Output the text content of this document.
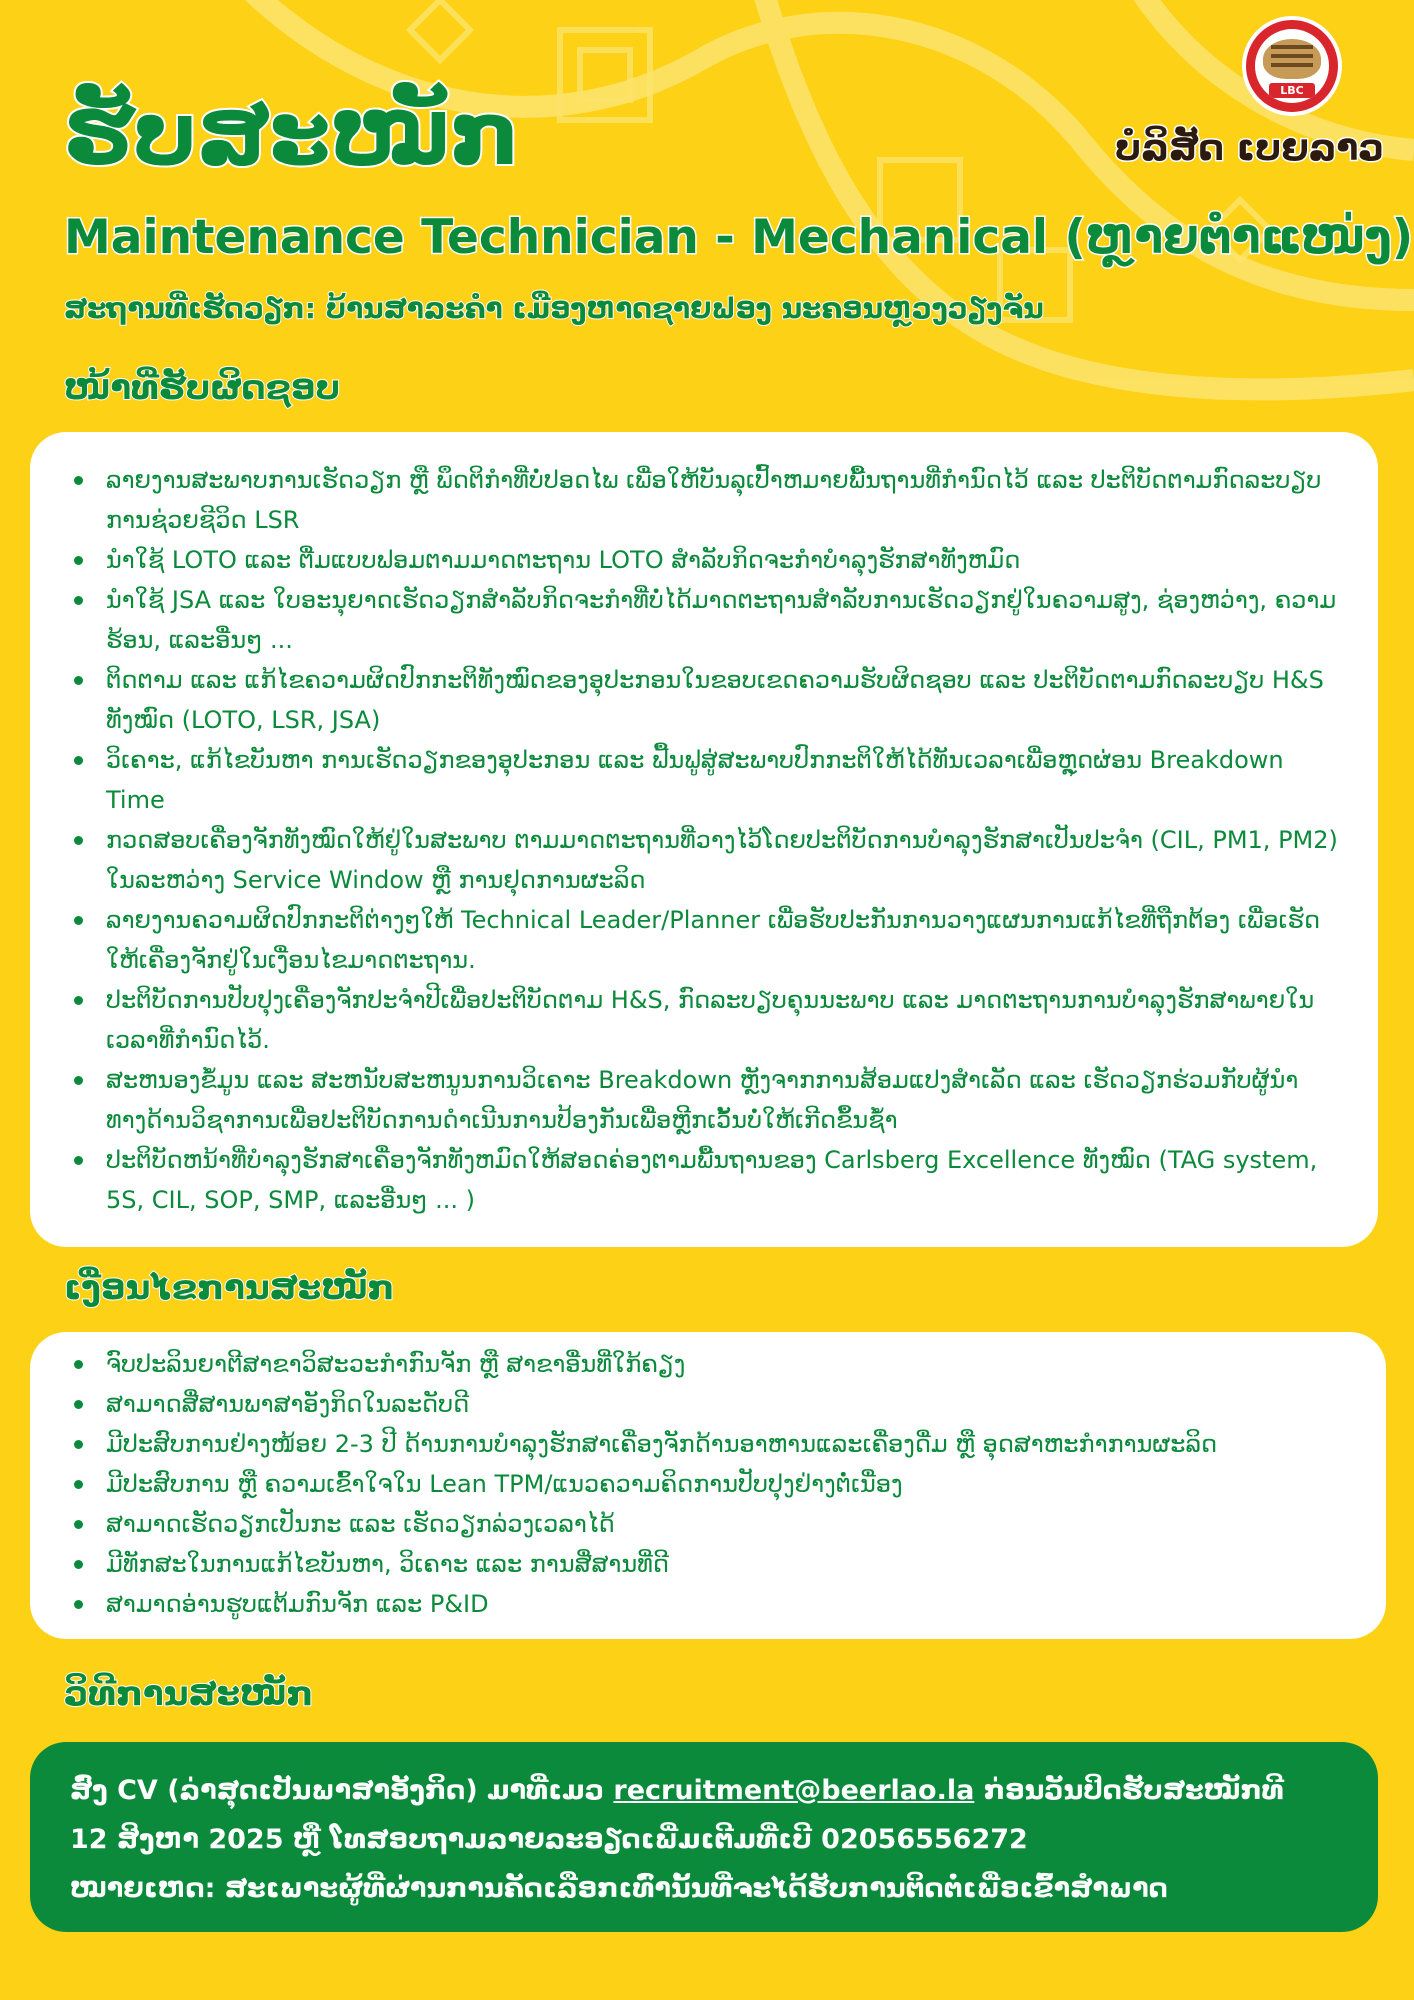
ຮັບສະໝັກ	LBC
ບໍລິສັດ ເບຍລາວ
Maintenance Technician - Mechanical (ຫຼາຍຕຳແໜ່ງ)

ສະຖານທີ່ເຮັດວຽກ: ບ້ານສາລະຄຳ ເມືອງຫາດຊາຍຟອງ ນະຄອນຫຼວງວຽງຈັນ

ໜ້າທີ່ຮັບຜິດຊອບ
ລາຍງານສະພາບການເຮັດວຽກ ຫຼື ພຶດຕິກຳທີ່ບໍ່ປອດໄພ ເພື່ອໃຫ້ບັນລຸເປົ້າຫມາຍພື້ນຖານທີ່ກຳນົດໄວ້ ແລະ ປະຕິບັດຕາມກົດລະບຽບການຊ່ວຍຊີວິດ LSR
ນຳໃຊ້ LOTO ແລະ ຕື່ມແບບຟອມຕາມມາດຕະຖານ LOTO ສຳລັບກິດຈະກຳບຳລຸງຮັກສາທັງຫມົດ
ນຳໃຊ້ JSA ແລະ ໃບອະນຸຍາດເຮັດວຽກສຳລັບກິດຈະກຳທີ່ບໍ່ໄດ້ມາດຕະຖານສຳລັບການເຮັດວຽກຢູ່ໃນຄວາມສູງ, ຊ່ອງຫວ່າງ, ຄວາມຮ້ອນ, ແລະອື່ນໆ ...
ຕິດຕາມ ແລະ ແກ້ໄຂຄວາມຜິດປົກກະຕິທັງໝົດຂອງອຸປະກອນໃນຂອບເຂດຄວາມຮັບຜິດຊອບ ແລະ ປະຕິບັດຕາມກົດລະບຽບ H&S ທັງໝົດ (LOTO, LSR, JSA)
ວິເຄາະ, ແກ້ໄຂບັນຫາ ການເຮັດວຽກຂອງອຸປະກອນ ແລະ ຟື້ນຟູສູ່ສະພາບປົກກະຕິໃຫ້ໄດ້ທັນເວລາເພື່ອຫຼຸດຜ່ອນ Breakdown Time
ກວດສອບເຄື່ອງຈັກທັງໝົດໃຫ້ຢູ່ໃນສະພາບ ຕາມມາດຕະຖານທີ່ວາງໄວ້ໂດຍປະຕິບັດການບຳລຸງຮັກສາເປັນປະຈຳ (CIL, PM1, PM2) ໃນລະຫວ່າງ Service Window ຫຼື ການຢຸດການຜະລິດ
ລາຍງານຄວາມຜິດປົກກະຕິຕ່າງໆໃຫ້ Technical Leader/Planner ເພື່ອຮັບປະກັນການວາງແຜນການແກ້ໄຂທີ່ຖືກຕ້ອງ ເພື່ອເຮັດໃຫ້ເຄື່ອງຈັກຢູ່ໃນເງື່ອນໄຂມາດຕະຖານ.
ປະຕິບັດການປັບປຸງເຄື່ອງຈັກປະຈຳປີເພື່ອປະຕິບັດຕາມ H&S, ກົດລະບຽບຄຸນນະພາບ ແລະ ມາດຕະຖານການບຳລຸງຮັກສາພາຍໃນເວລາທີ່ກຳນົດໄວ້.
ສະຫນອງຂໍ້ມູນ ແລະ ສະຫນັບສະຫນູນການວິເຄາະ Breakdown ຫຼັງຈາກການສ້ອມແປງສຳເລັດ ແລະ ເຮັດວຽກຮ່ວມກັບຜູ້ນຳທາງດ້ານວິຊາການເພື່ອປະຕິບັດການດຳເນີນການປ້ອງກັນເພື່ອຫຼີກເວັ້ນບໍ່ໃຫ້ເກີດຂຶ້ນຊ້ຳ
ປະຕິບັດຫນ້າທີ່ບຳລຸງຮັກສາເຄື່ອງຈັກທັງຫມົດໃຫ້ສອດຄ່ອງຕາມພື້ນຖານຂອງ Carlsberg Excellence ທັງໝົດ (TAG system, 5S, CIL, SOP, SMP, ແລະອື່ນໆ ... )
ເງື່ອນໄຂການສະໝັກ
ຈົບປະລິນຍາຕີສາຂາວິສະວະກຳກົນຈັກ ຫຼື ສາຂາອື່ນທີ່ໃກ້ຄຽງ
ສາມາດສື່ສານພາສາອັງກິດໃນລະດັບດີ
ມີປະສົບການຢ່າງໜ້ອຍ 2-3 ປີ ດ້ານການບຳລຸງຮັກສາເຄື່ອງຈັກດ້ານອາຫານແລະເຄື່ອງດື່ມ ຫຼື ອຸດສາຫະກຳການຜະລິດ
ມີປະສົບການ ຫຼື ຄວາມເຂົ້າໃຈໃນ Lean TPM/ແນວຄວາມຄິດການປັບປຸງຢ່າງຕໍ່ເນື່ອງ
ສາມາດເຮັດວຽກເປັນກະ ແລະ ເຮັດວຽກລ່ວງເວລາໄດ້
ມີທັກສະໃນການແກ້ໄຂບັນຫາ, ວິເຄາະ ແລະ ການສື່ສານທີ່ດີ
ສາມາດອ່ານຮູບແຕ້ມກົນຈັກ ແລະ P&ID
ວິທີການສະໝັກ

ສົ່ງ CV (ລ່າສຸດເປັນພາສາອັງກິດ) ມາທີ່ເມວ recruitment@beerlao.la ກ່ອນວັນປິດຮັບສະໝັກທີ

12 ສິງຫາ 2025 ຫຼື ໂທສອບຖາມລາຍລະອຽດເພີ່ມເຕີມທີ່ເບີ 02056556272

ໝາຍເຫດ: ສະເພາະຜູ້ທີ່ຜ່ານການຄັດເລືອກເທົ່ານັ້ນທີ່ຈະໄດ້ຮັບການຕິດຕໍ່ເພື່ອເຂົ້າສຳພາດ
